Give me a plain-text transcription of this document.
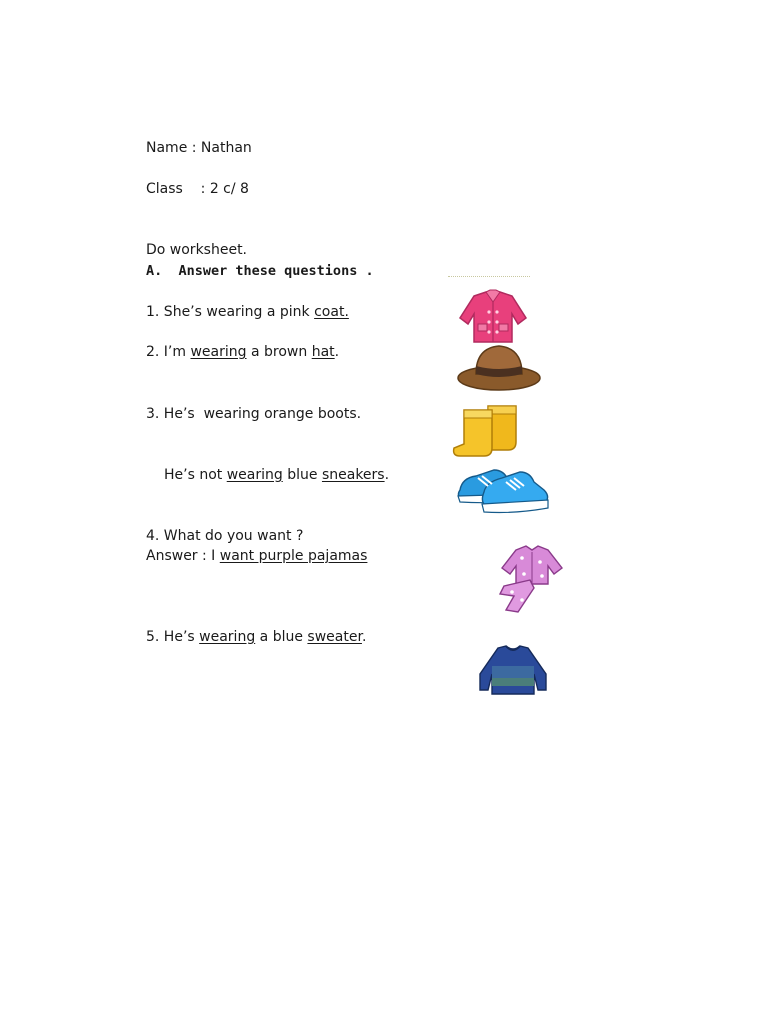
Name : Nathan
Class    : 2 c/ 8
Do worksheet.
A.  Answer these questions .
1. She’s wearing a pink coat.
2. I’m wearing a brown hat.
3. He’s  wearing orange boots.
He’s not wearing blue sneakers.
4. What do you want ?
Answer : I want purple pajamas
5. He’s wearing a blue sweater.
